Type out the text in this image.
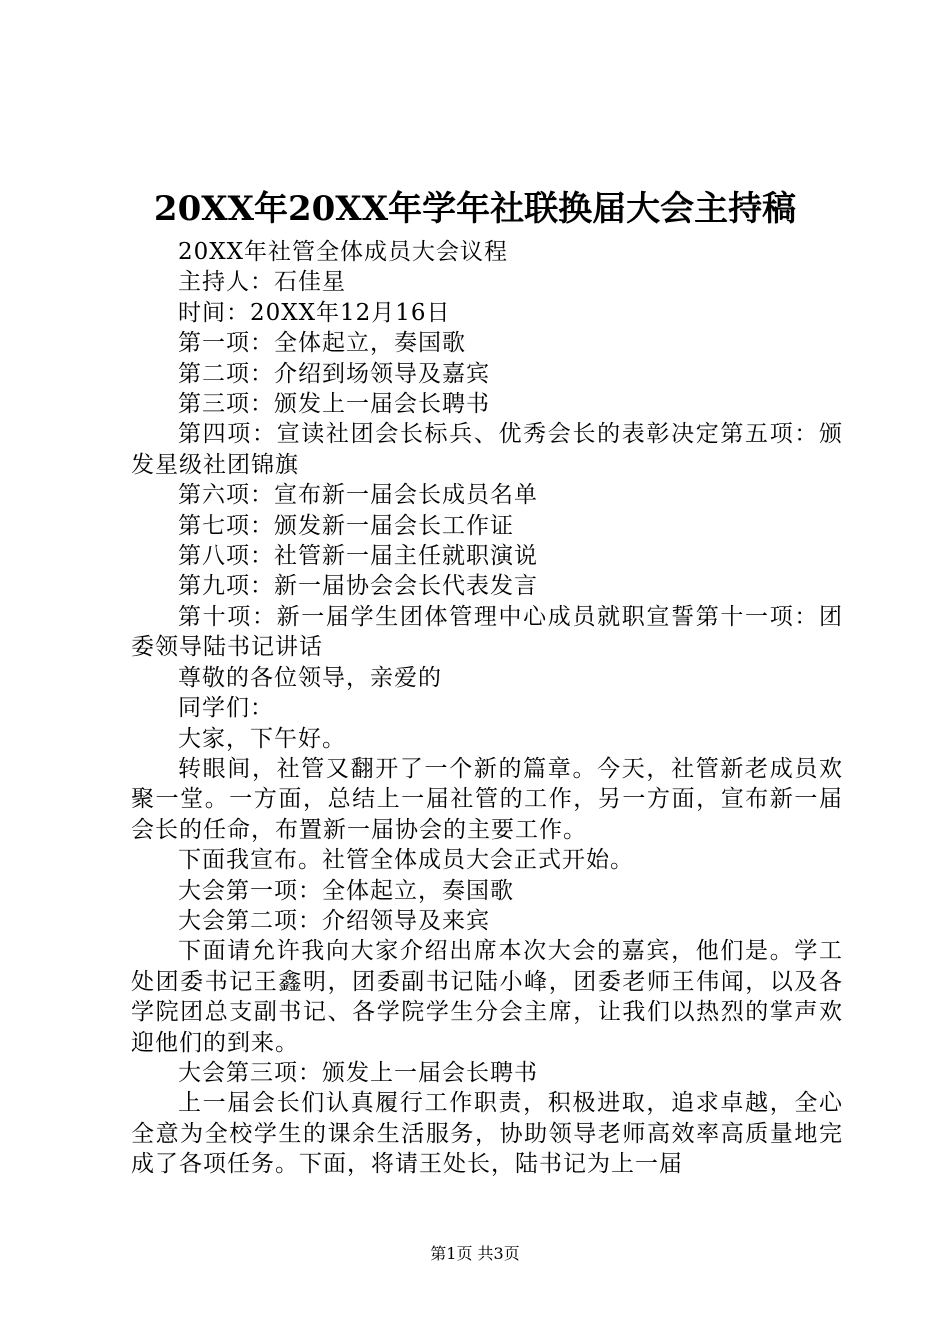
20XX年20XX年学年社联换届大会主持稿

20XX年社管全体成员大会议程

主持人：石佳星

时间：20XX年12月16日

第一项：全体起立，奏国歌

第二项：介绍到场领导及嘉宾

第三项：颁发上一届会长聘书

第四项：宣读社团会长标兵、优秀会长的表彰决定第五项：颁发星级社团锦旗

第六项：宣布新一届会长成员名单

第七项：颁发新一届会长工作证

第八项：社管新一届主任就职演说

第九项：新一届协会会长代表发言

第十项：新一届学生团体管理中心成员就职宣誓第十一项：团委领导陆书记讲话

尊敬的各位领导，亲爱的

同学们：

大家，下午好。

转眼间，社管又翻开了一个新的篇章。今天，社管新老成员欢聚一堂。一方面，总结上一届社管的工作，另一方面，宣布新一届会长的任命，布置新一届协会的主要工作。

下面我宣布。社管全体成员大会正式开始。

大会第一项：全体起立，奏国歌

大会第二项：介绍领导及来宾

下面请允许我向大家介绍出席本次大会的嘉宾，他们是。学工处团委书记王鑫明，团委副书记陆小峰，团委老师王伟闻，以及各学院团总支副书记、各学院学生分会主席，让我们以热烈的掌声欢迎他们的到来。

大会第三项：颁发上一届会长聘书

上一届会长们认真履行工作职责，积极进取，追求卓越，全心全意为全校学生的课余生活服务，协助领导老师高效率高质量地完成了各项任务。下面，将请王处长，陆书记为上一届

第1页 共3页
